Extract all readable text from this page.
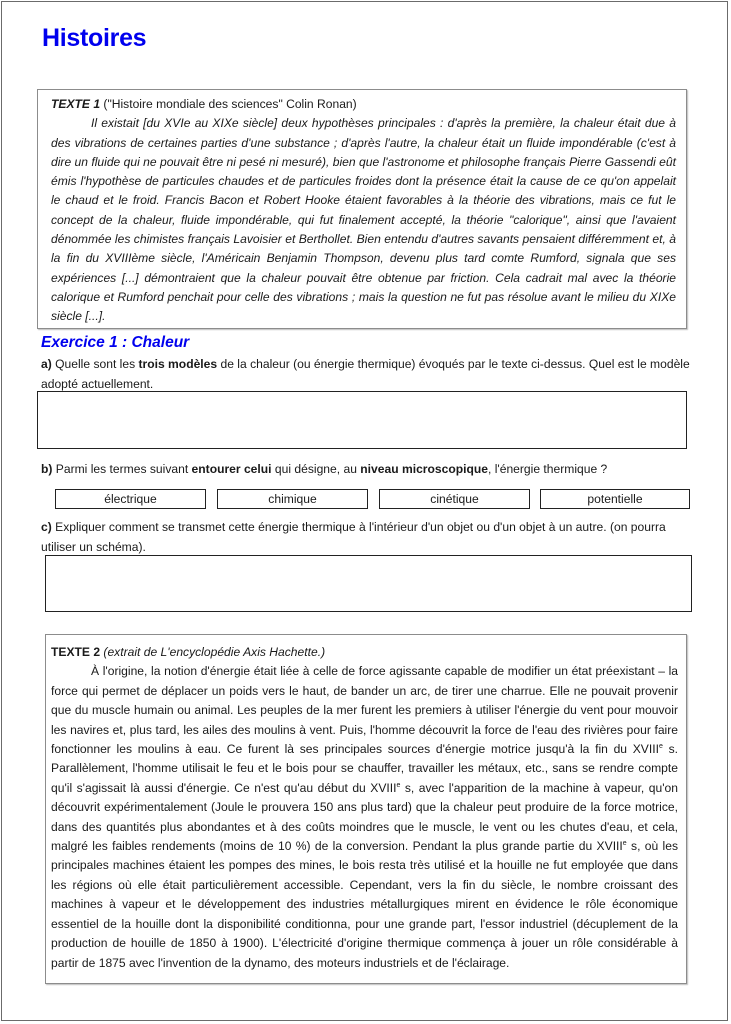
Histoires
TEXTE 1 ("Histoire mondiale des sciences" Colin Ronan)
Il existait [du XVIe au XIXe siècle] deux hypothèses principales : d'après la première, la chaleur était due à des vibrations de certaines parties d'une substance ; d'après l'autre, la chaleur était un fluide impondérable (c'est à dire un fluide qui ne pouvait être ni pesé ni mesuré), bien que l'astronome et philosophe français Pierre Gassendi eût émis l'hypothèse de particules chaudes et de particules froides dont la présence était la cause de ce qu'on appelait le chaud et le froid. Francis Bacon et Robert Hooke étaient favorables à la théorie des vibrations, mais ce fut le concept de la chaleur, fluide impondérable, qui fut finalement accepté, la théorie "calorique", ainsi que l'avaient dénommée les chimistes français Lavoisier et Berthollet. Bien entendu d'autres savants pensaient différemment et, à la fin du XVIIIème siècle, l'Américain Benjamin Thompson, devenu plus tard comte Rumford, signala que ses expériences [...] démontraient que la chaleur pouvait être obtenue par friction. Cela cadrait mal avec la théorie calorique et Rumford penchait pour celle des vibrations ; mais la question ne fut pas résolue avant le milieu du XIXe siècle [...].
Exercice 1 : Chaleur
a) Quelle sont les trois modèles de la chaleur (ou énergie thermique) évoqués par le texte ci-dessus. Quel est le modèle adopté actuellement.
b) Parmi les termes suivant entourer celui qui désigne, au niveau microscopique, l'énergie thermique ?
électrique	chimique	cinétique	potentielle
c) Expliquer comment se transmet cette énergie thermique à l'intérieur d'un objet ou d'un objet à un autre. (on pourra utiliser un schéma).
TEXTE 2 (extrait de L'encyclopédie Axis Hachette.)
À l'origine, la notion d'énergie était liée à celle de force agissante capable de modifier un état préexistant – la force qui permet de déplacer un poids vers le haut, de bander un arc, de tirer une charrue. Elle ne pouvait provenir que du muscle humain ou animal. Les peuples de la mer furent les premiers à utiliser l'énergie du vent pour mouvoir les navires et, plus tard, les ailes des moulins à vent. Puis, l'homme découvrit la force de l'eau des rivières pour faire fonctionner les moulins à eau. Ce furent là ses principales sources d'énergie motrice jusqu'à la fin du XVIIIe s. Parallèlement, l'homme utilisait le feu et le bois pour se chauffer, travailler les métaux, etc., sans se rendre compte qu'il s'agissait là aussi d'énergie. Ce n'est qu'au début du XVIIIe s, avec l'apparition de la machine à vapeur, qu'on découvrit expérimentalement (Joule le prouvera 150 ans plus tard) que la chaleur peut produire de la force motrice, dans des quantités plus abondantes et à des coûts moindres que le muscle, le vent ou les chutes d'eau, et cela, malgré les faibles rendements (moins de 10 %) de la conversion. Pendant la plus grande partie du XVIIIe s, où les principales machines étaient les pompes des mines, le bois resta très utilisé et la houille ne fut employée que dans les régions où elle était particulièrement accessible. Cependant, vers la fin du siècle, le nombre croissant des machines à vapeur et le développement des industries métallurgiques mirent en évidence le rôle économique essentiel de la houille dont la disponibilité conditionna, pour une grande part, l'essor industriel (décuplement de la production de houille de 1850 à 1900). L'électricité d'origine thermique commença à jouer un rôle considérable à partir de 1875 avec l'invention de la dynamo, des moteurs industriels et de l'éclairage.
